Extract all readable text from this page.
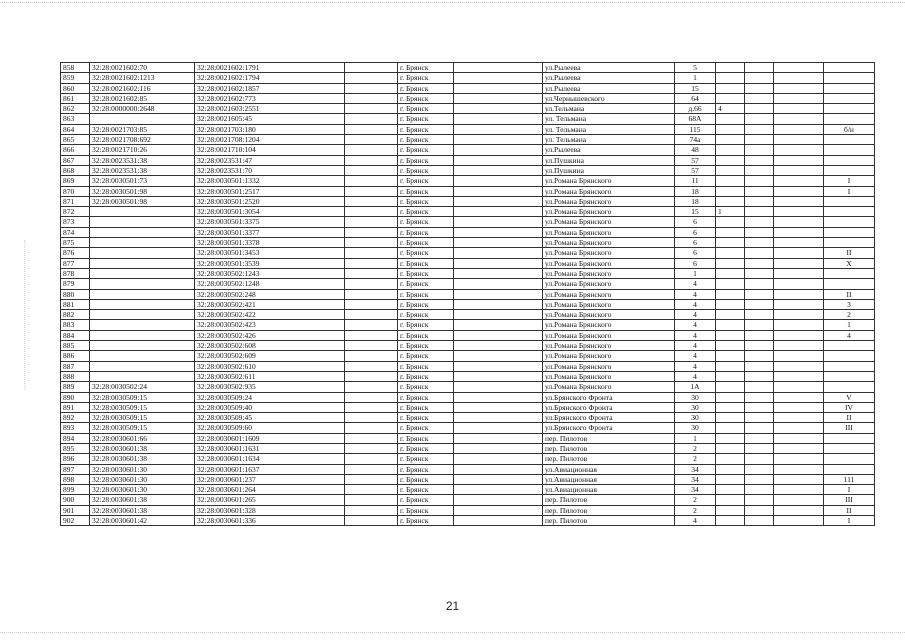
858	32:28:0021602:70	32:28:0021602:1791		г. Брянск		ул.Рылеева	5				
859	32:28:0021602:1213	32:28:0021602:1794		г. Брянск		ул.Рылеева	1				
860	32:28:0021602:116	32:28:0021602:1857		г. Брянск		ул.Рылеева	15				
861	32:28:0021602:85	32:28:0021602:773		г. Брянск		ул.Чернышевского	64				
862	32:28:0000000:2648	32:28:0021603:2551		г. Брянск		ул.Тельмана	д.66	4			
863		32:28:0021605:45		г. Брянск		ул. Тельмана	68А				
864	32:28:0021703:85	32:28:0021703:180		г. Брянск		ул. Тельмана	115				б/н
865	32:28:0021708:692	32:28:0021708:1204		г. Брянск		ул. Тельмана	74а				
866	32:28:0021710:26	32:28:0021710:104		г. Брянск		ул.Рылеева	48				
867	32:28:0023531:38	32:28:0023531:47		г. Брянск		ул.Пушкина	57				
868	32:28:0023531:38	32:28:0023531:70		г. Брянск		ул.Пушкина	57				
869	32:28:0030501:73	32:28:0030501:1332		г. Брянск		ул.Романа Брянского	11				I
870	32:28:0030501:98	32:28:0030501:2517		г. Брянск		ул.Романа Брянского	18				I
871	32:28:0030501:98	32:28:0030501:2520		г. Брянск		ул.Романа Брянского	18				
872		32:28:0030501:3054		г. Брянск		ул.Романа Брянского	15	1			
873		32:28:0030501:3375		г. Брянск		ул.Романа Брянского	6				
874		32:28:0030501:3377		г. Брянск		ул.Романа Брянского	6				
875		32:28:0030501:3378		г. Брянск		ул.Романа Брянского	6				
876		32:28:0030501:3453		г. Брянск		ул.Романа Брянского	6				II
877		32:28:0030501:3539		г. Брянск		ул.Романа Брянского	6				X
878		32:28:0030502:1243		г. Брянск		ул.Романа Брянского	1				
879		32:28:0030502:1248		г. Брянск		ул.Романа Брянского	4				
880		32:28:0030502:248		г. Брянск		ул.Романа Брянского	4				II
881		32:28:0030502:421		г. Брянск		ул.Романа Брянского	4				3
882		32:28:0030502:422		г. Брянск		ул.Романа Брянского	4				2
883		32:28:0030502:423		г. Брянск		ул.Романа Брянского	4				1
884		32:28:0030502:426		г. Брянск		ул.Романа Брянского	4				4
885		32:28:0030502:608		г. Брянск		ул.Романа Брянского	4				
886		32:28:0030502:609		г. Брянск		ул.Романа Брянского	4				
887		32:28:0030502:610		г. Брянск		ул.Романа Брянского	4				
888		32:28:0030502:611		г. Брянск		ул.Романа Брянского	4				
889	32:28:0030502:24	32:28:0030502:935		г. Брянск		ул.Романа Брянского	1А				
890	32:28:0030509:15	32:28:0030509:24		г. Брянск		ул.Брянского Фронта	30				V
891	32:28:0030509:15	32:28:0030509:40		г. Брянск		ул.Брянского Фронта	30				IV
892	32:28:0030509:15	32:28:0030509:45		г. Брянск		ул.Брянского Фронта	30				II
893	32:28:0030509:15	32:28:0030509:60		г. Брянск		ул.Брянского Фронта	30				III
894	32:28:0030601:66	32:28:0030601:1609		г. Брянск		пер. Пилотов	1				
895	32:28:0030601:38	32:28:0030601:1631		г. Брянск		пер. Пилотов	2				
896	32:28:0030601:38	32:28:0030601:1634		г. Брянск		пер. Пилотов	2				
897	32:28:0030601:30	32:28:0030601:1637		г. Брянск		ул.Авиационная	34				
898	32:28:0030601:30	32:28:0030601:237		г. Брянск		ул.Авиационная	34				111
899	32:28:0030601:30	32:28:0030601:264		г. Брянск		ул.Авиационная	34				I
900	32:28:0030601:38	32:28:0030601:265		г. Брянск		пер. Пилотов	2				III
901	32:28:0030601:38	32:28:0030601:328		г. Брянск		пер. Пилотов	2				II
902	32:28:0030601:42	32:28:0030601:336		г. Брянск		пер. Пилотов	4				I
21
